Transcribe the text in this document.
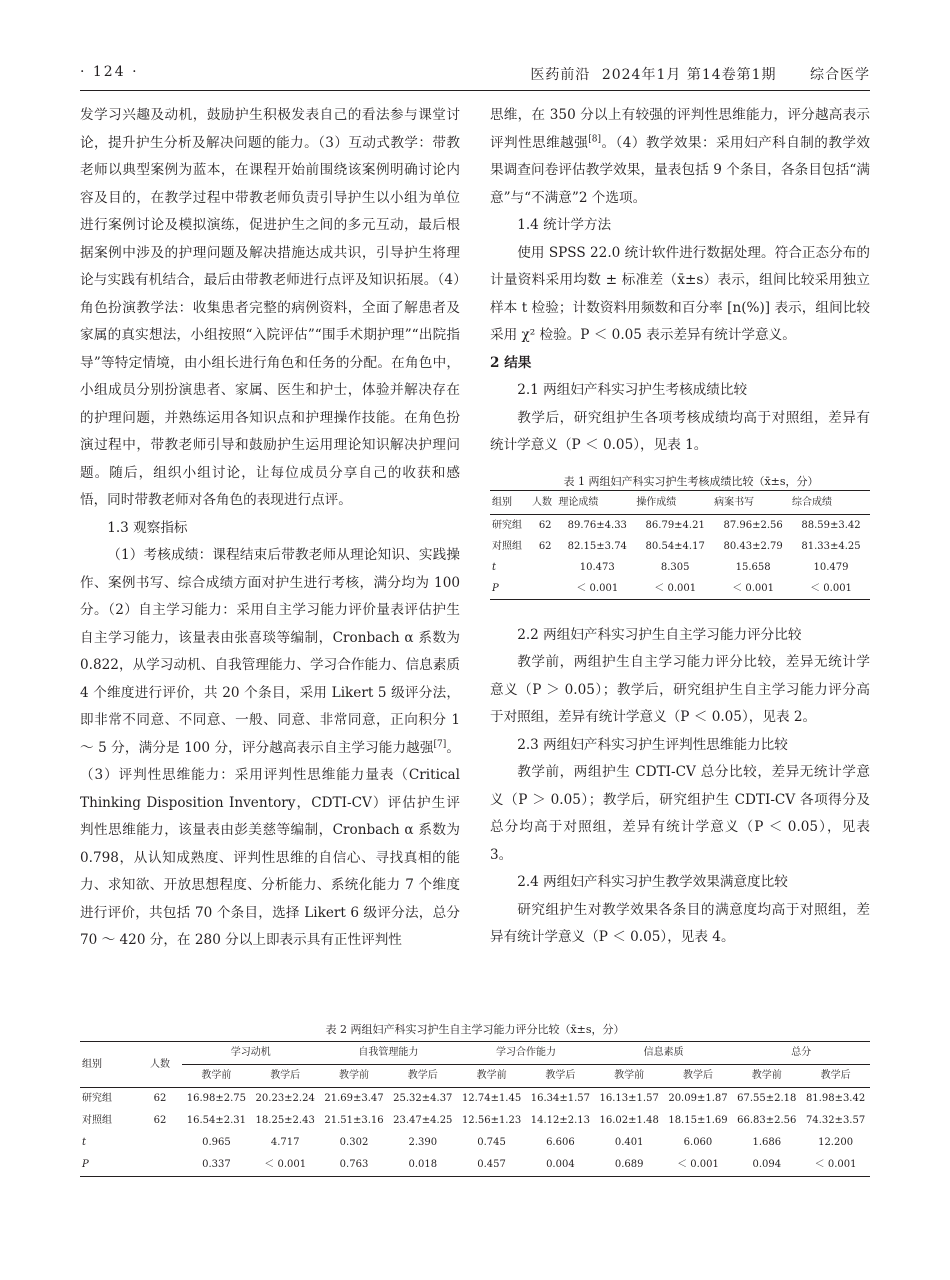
· 124 ·	医药前沿 2024年1月 第14卷第1期 综合医学

发学习兴趣及动机，鼓励护生积极发表自己的看法参与课堂讨论，提升护生分析及解决问题的能力。（3）互动式教学：带教老师以典型案例为蓝本，在课程开始前围绕该案例明确讨论内容及目的，在教学过程中带教老师负责引导护生以小组为单位进行案例讨论及模拟演练，促进护生之间的多元互动，最后根据案例中涉及的护理问题及解决措施达成共识，引导护生将理论与实践有机结合，最后由带教老师进行点评及知识拓展。（4）角色扮演教学法：收集患者完整的病例资料，全面了解患者及家属的真实想法，小组按照“入院评估”“围手术期护理”“出院指导”等特定情境，由小组长进行角色和任务的分配。在角色中，小组成员分别扮演患者、家属、医生和护士，体验并解决存在的护理问题，并熟练运用各知识点和护理操作技能。在角色扮演过程中，带教老师引导和鼓励护生运用理论知识解决护理问题。随后，组织小组讨论，让每位成员分享自己的收获和感悟，同时带教老师对各角色的表现进行点评。

1.3 观察指标

（1）考核成绩：课程结束后带教老师从理论知识、实践操作、案例书写、综合成绩方面对护生进行考核，满分均为 100 分。（2）自主学习能力：采用自主学习能力评价量表评估护生自主学习能力，该量表由张喜琰等编制，Cronbach α 系数为 0.822，从学习动机、自我管理能力、学习合作能力、信息素质 4 个维度进行评价，共 20 个条目，采用 Likert 5 级评分法，即非常不同意、不同意、一般、同意、非常同意，正向积分 1 ～ 5 分，满分是 100 分，评分越高表示自主学习能力越强[7]。（3）评判性思维能力：采用评判性思维能力量表（Critical Thinking Disposition Inventory，CDTI-CV）评估护生评判性思维能力，该量表由彭美慈等编制，Cronbach α 系数为 0.798，从认知成熟度、评判性思维的自信心、寻找真相的能力、求知欲、开放思想程度、分析能力、系统化能力 7 个维度进行评价，共包括 70 个条目，选择 Likert 6 级评分法，总分 70 ～ 420 分，在 280 分以上即表示具有正性评判性

思维，在 350 分以上有较强的评判性思维能力，评分越高表示评判性思维越强[8]。（4）教学效果：采用妇产科自制的教学效果调查问卷评估教学效果，量表包括 9 个条目，各条目包括“满意”与“不满意”2 个选项。

1.4 统计学方法

使用 SPSS 22.0 统计软件进行数据处理。符合正态分布的计量资料采用均数 ± 标准差（x̄±s）表示，组间比较采用独立样本 t 检验；计数资料用频数和百分率 [n(%)] 表示，组间比较采用 χ² 检验。P ＜ 0.05 表示差异有统计学意义。

2 结果

2.1 两组妇产科实习护生考核成绩比较

教学后，研究组护生各项考核成绩均高于对照组，差异有统计学意义（P ＜ 0.05），见表 1。

表 1 两组妇产科实习护生考核成绩比较（x̄±s，分）

组别	人数	理论成绩	操作成绩	病案书写	综合成绩
研究组	62	89.76±4.33	86.79±4.21	87.96±2.56	88.59±3.42
对照组	62	82.15±3.74	80.54±4.17	80.43±2.79	81.33±4.25
t		10.473	8.305	15.658	10.479
P		＜ 0.001	＜ 0.001	＜ 0.001	＜ 0.001

2.2 两组妇产科实习护生自主学习能力评分比较

教学前，两组护生自主学习能力评分比较，差异无统计学意义（P ＞ 0.05）；教学后，研究组护生自主学习能力评分高于对照组，差异有统计学意义（P ＜ 0.05），见表 2。

2.3 两组妇产科实习护生评判性思维能力比较

教学前，两组护生 CDTI-CV 总分比较，差异无统计学意义（P ＞ 0.05）；教学后，研究组护生 CDTI-CV 各项得分及总分均高于对照组，差异有统计学意义（P ＜ 0.05），见表 3。

2.4 两组妇产科实习护生教学效果满意度比较

研究组护生对教学效果各条目的满意度均高于对照组，差异有统计学意义（P ＜ 0.05），见表 4。

表 2 两组妇产科实习护生自主学习能力评分比较（x̄±s，分）

组别	人数	学习动机		自我管理能力		学习合作能力		信息素质		总分	
		教学前	教学后	教学前	教学后	教学前	教学后	教学前	教学后	教学前	教学后
研究组	62	16.98±2.75	20.23±2.24	21.69±3.47	25.32±4.37	12.74±1.45	16.34±1.57	16.13±1.57	20.09±1.87	67.55±2.18	81.98±3.42
对照组	62	16.54±2.31	18.25±2.43	21.51±3.16	23.47±4.25	12.56±1.23	14.12±2.13	16.02±1.48	18.15±1.69	66.83±2.56	74.32±3.57
t		0.965	4.717	0.302	2.390	0.745	6.606	0.401	6.060	1.686	12.200
P		0.337	＜ 0.001	0.763	0.018	0.457	0.004	0.689	＜ 0.001	0.094	＜ 0.001
